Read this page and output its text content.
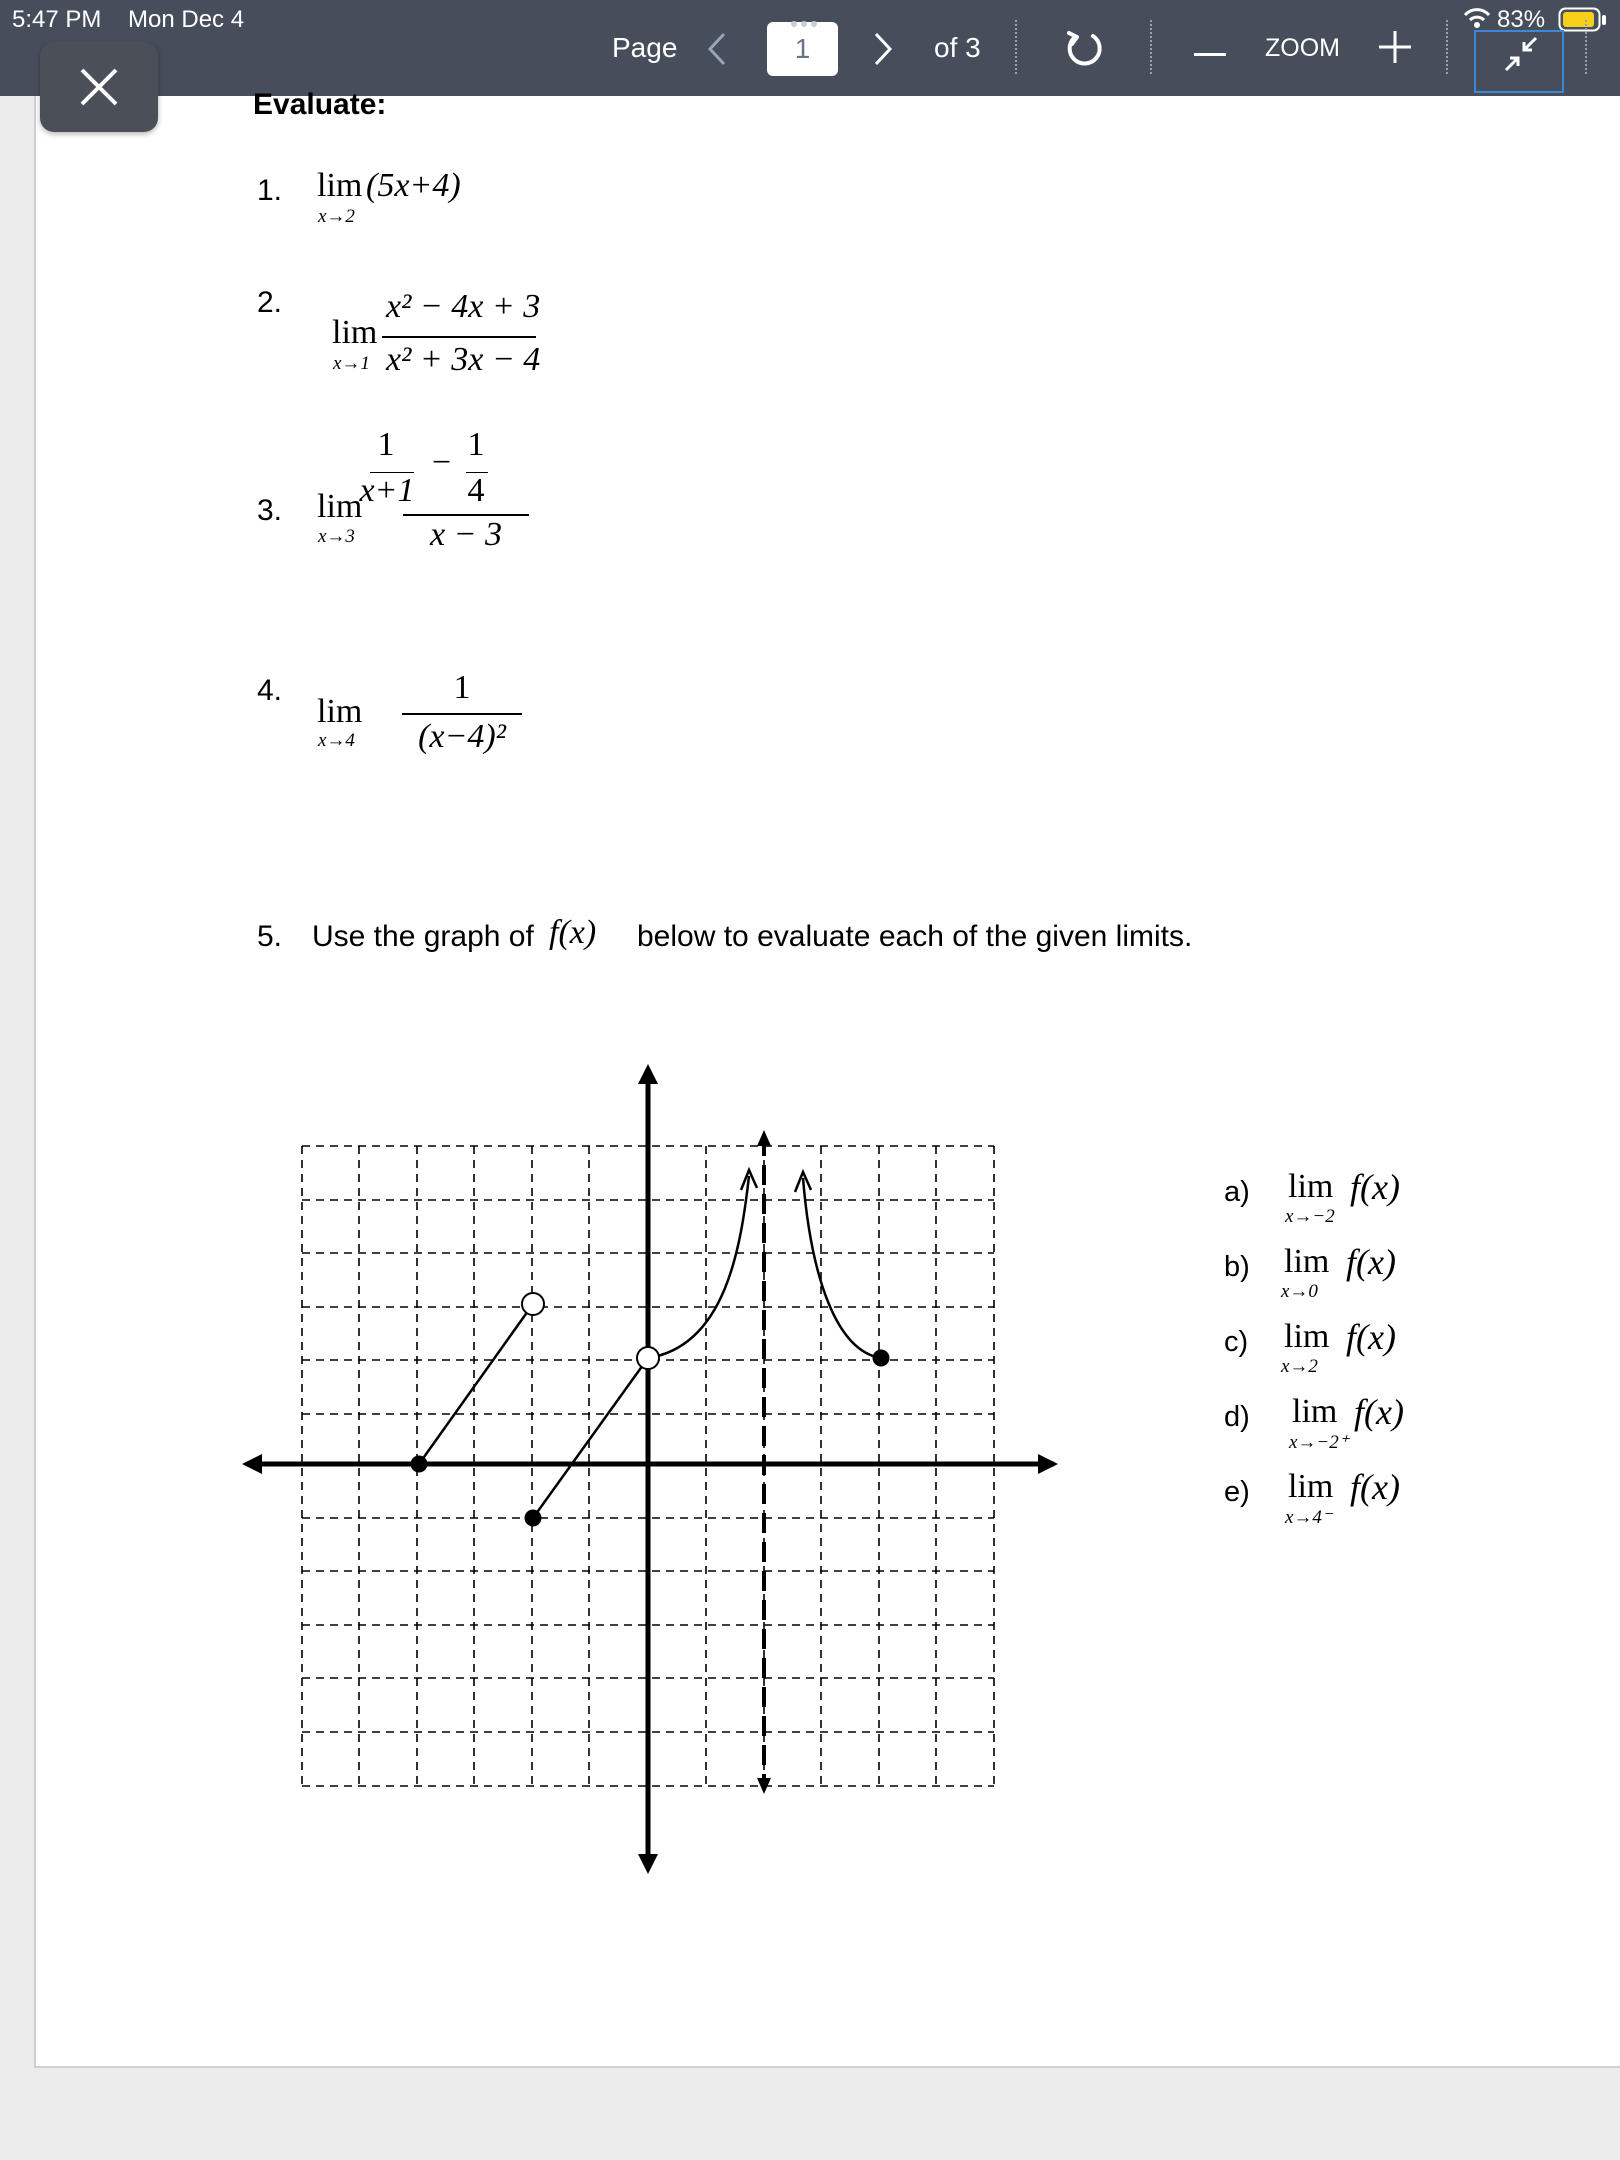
5:47 PM Mon Dec 4
Page	1	of 3	ZOOM
83%
Evaluate:
1. lim
x→2
(5x+4)
2.
lim
x→1
x² − 4x + 3
x² + 3x − 4
3. lim
x→3
1
x+1
− 1
4
x − 3
4.
lim
x→4
1
(x−4)²
5. Use the graph of f(x) below to evaluate each of the given limits.
a) lim
x→−2
f(x)
b) lim
x→0
f(x)
c) lim
x→2
f(x)
d) lim
x→−2⁺
f(x)
e) lim
x→4⁻
f(x)
